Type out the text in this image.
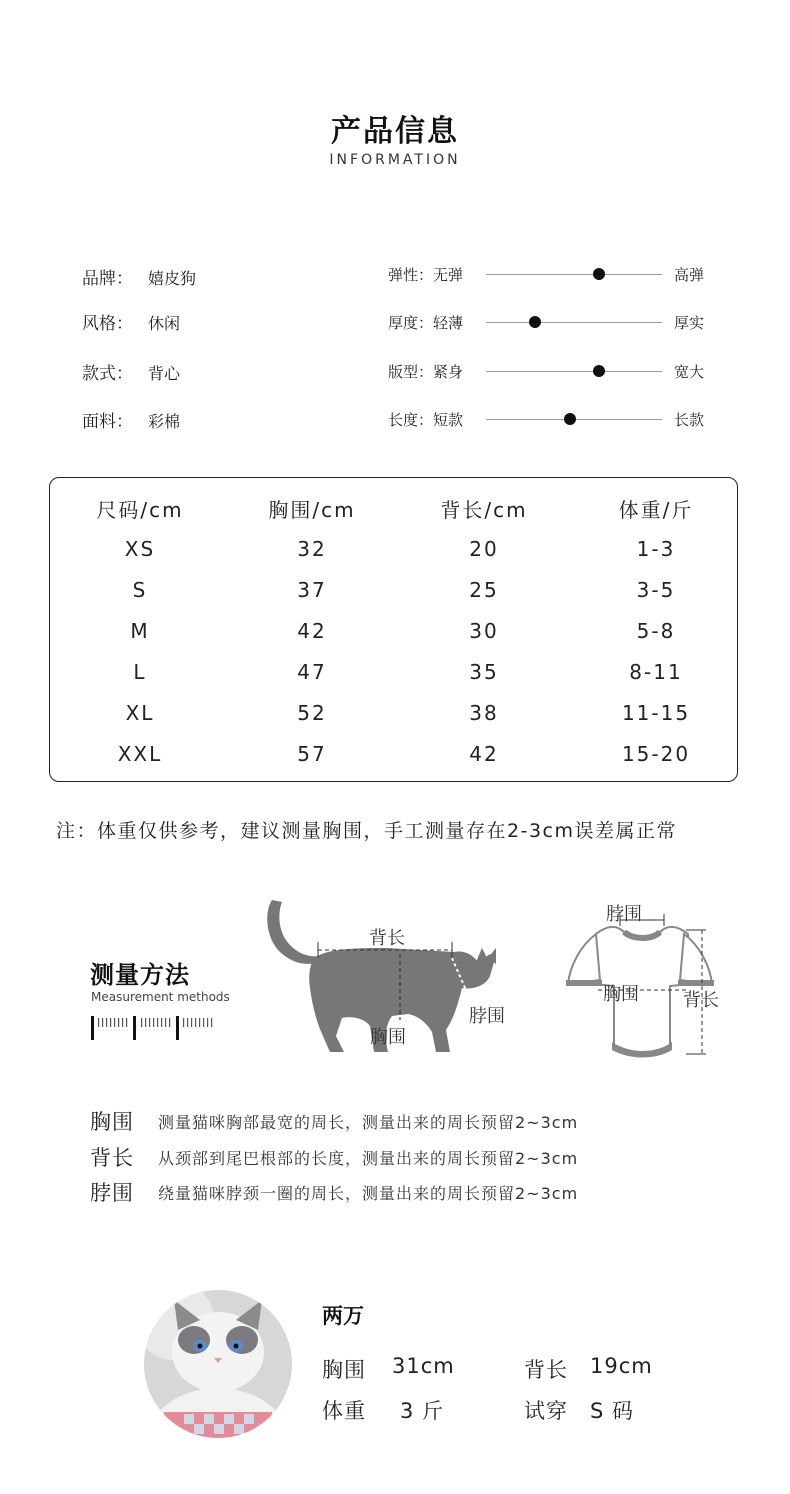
产品信息
INFORMATION
品牌： 嬉皮狗
风格： 休闲
款式： 背心
面料： 彩棉
弹性：无弹	高弹
厚度：轻薄	厚实
版型：紧身	宽大
长度：短款	长款
尺码/cm	胸围/cm	背长/cm	体重/斤
XS	32	20	1-3
S	37	25	3-5
M	42	30	5-8
L	47	35	8-11
XL	52	38	11-15
XXL	57	42	15-20
注：体重仅供参考，建议测量胸围，手工测量存在2-3cm误差属正常
测量方法
Measurement methods
背长
脖围
胸围
脖围
胸围 背长
胸围 测量猫咪胸部最宽的周长，测量出来的周长预留2~3cm
背长 从颈部到尾巴根部的长度，测量出来的周长预留2~3cm
脖围 绕量猫咪脖颈一圈的周长，测量出来的周长预留2~3cm
两万
胸围 31cm	背长 19cm
体重 3 斤	试穿 S 码
